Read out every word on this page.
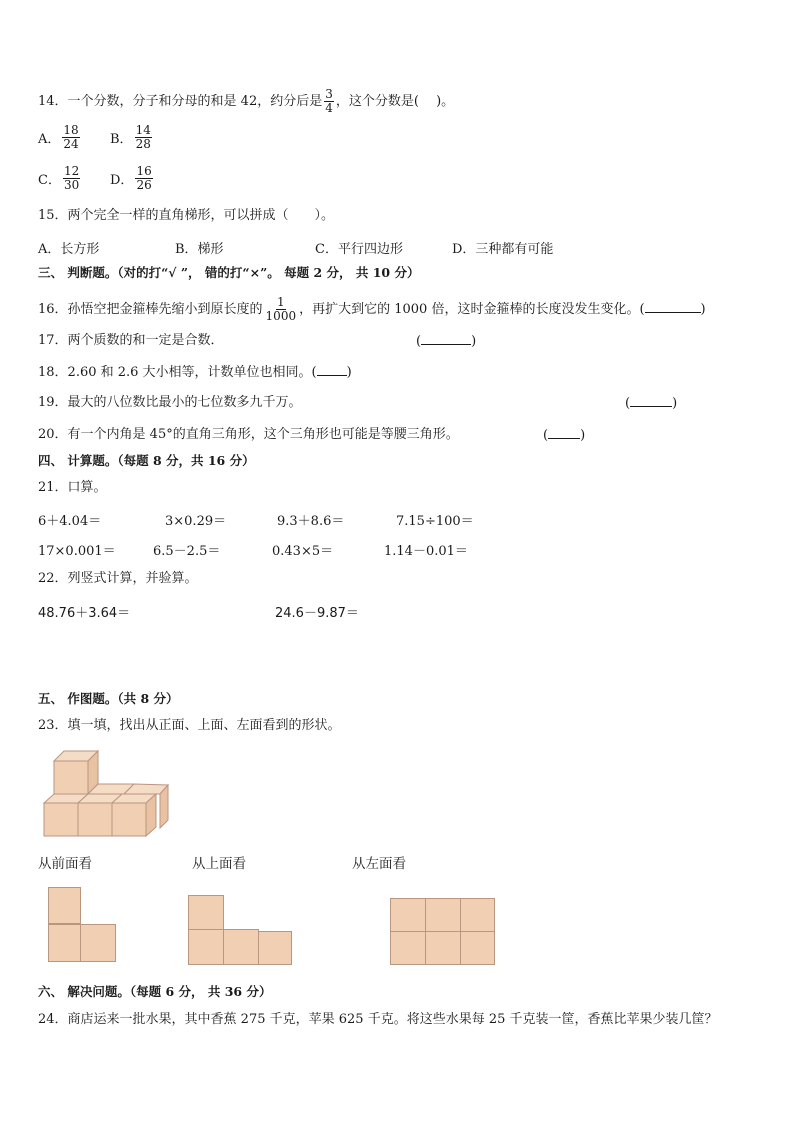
14．一个分数，分子和分母的和是 42，约分后是 $\frac{3}{4}$ ，这个分数是(　 )。
A． $\frac{18}{24}$ B． $\frac{14}{28}$
C． $\frac{12}{30}$ D． $\frac{16}{26}$
15．两个完全一样的直角梯形，可以拼成（　　）。
A．长方形	B．梯形	C．平行四边形	D．三种都有可能
三、 判断题。（对的打“√ ”， 错的打“×”。 每题 2 分， 共 10 分）
16．孙悟空把金箍棒先缩小到原长度的 $\frac{1}{1000}$ ，再扩大到它的 1000 倍，这时金箍棒的长度没发生变化。(	)
17．两个质数的和一定是合数．	(	)
18．2.60 和 2.6 大小相等，计数单位也相同。( )
19．最大的八位数比最小的七位数多九千万。	(	)
20．有一个内角是 45°的直角三角形，这个三角形也可能是等腰三角形。	( )
四、 计算题。（每题 8 分，共 16 分）
21．口算。
6＋4.04＝	3×0.29＝	9.3＋8.6＝	7.15÷100＝
17×0.001＝	6.5－2.5＝	0.43×5＝	1.14－0.01＝
22．列竖式计算，并验算。
48.76＋3.64＝	24.6－9.87＝
五、 作图题。（共 8 分）
23．填一填，找出从正面、上面、左面看到的形状。
从前面看	从上面看	从左面看
六、 解决问题。（每题 6 分， 共 36 分）
24．商店运来一批水果，其中香蕉 275 千克，苹果 625 千克。将这些水果每 25 千克装一筐，香蕉比苹果少装几筐？
